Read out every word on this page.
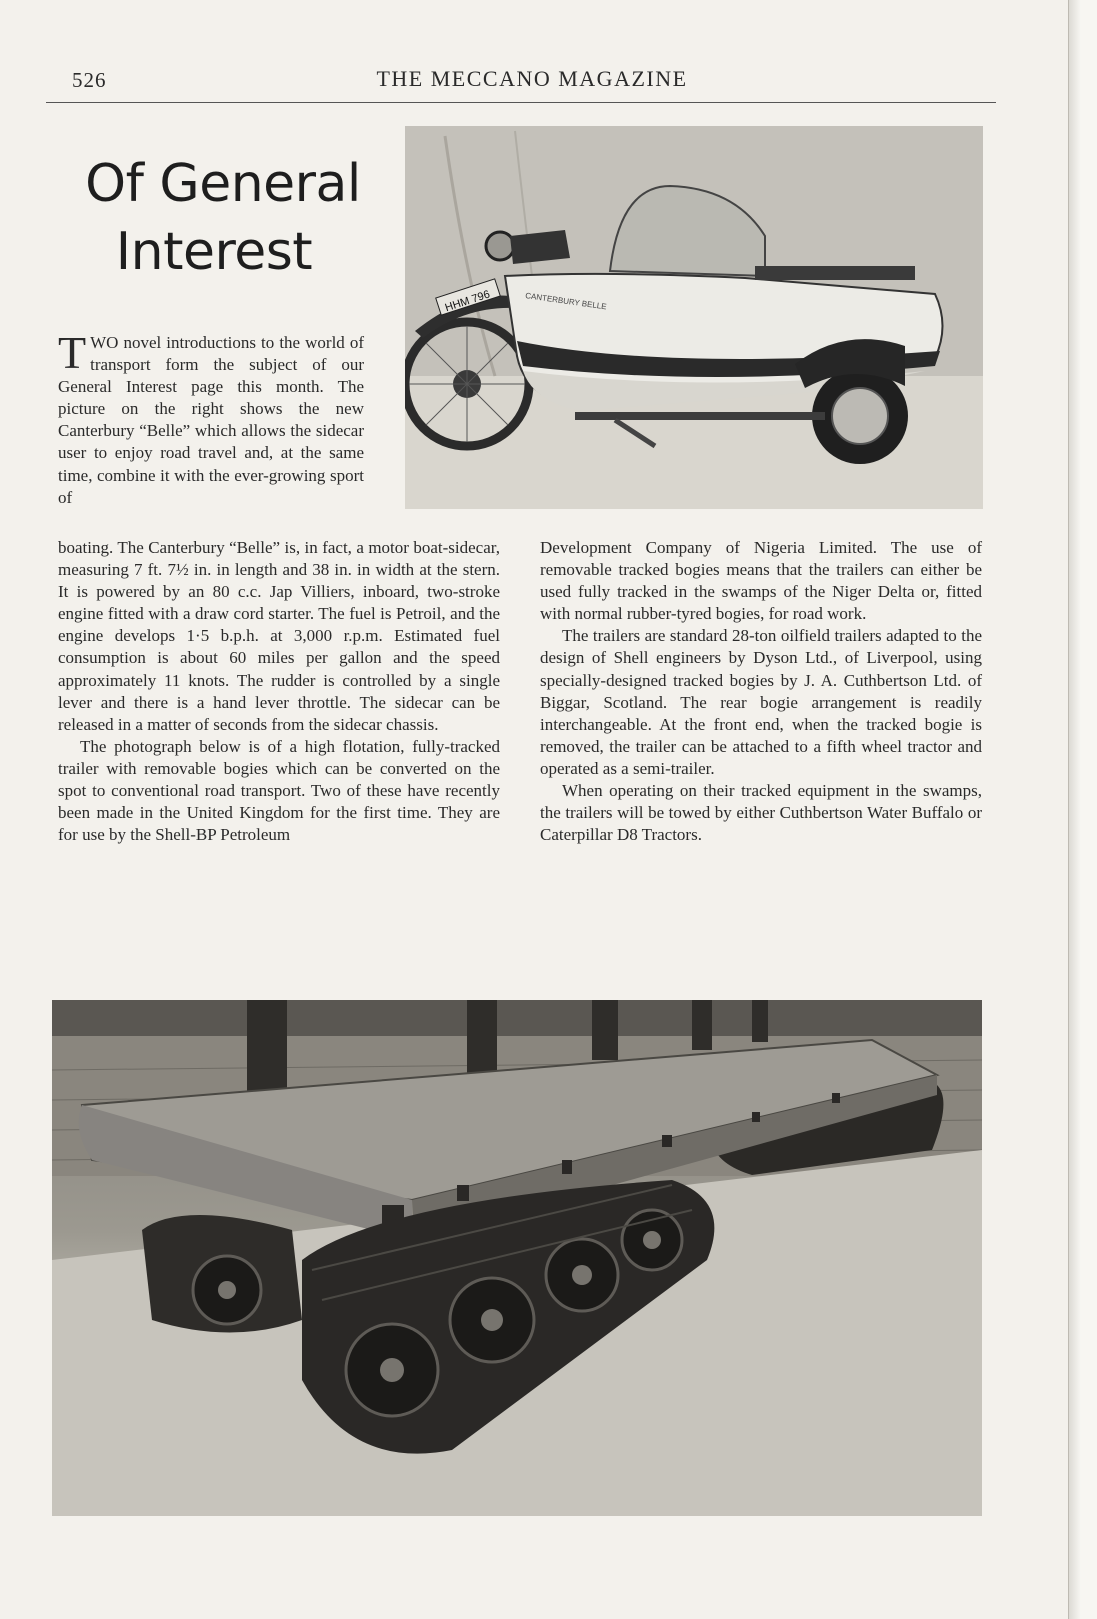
526	THE MECCANO MAGAZINE
Of General

Interest
HHM 796	CANTERBURY BELLE

TWO novel introductions to the world of transport form the subject of our General Interest page this month. The picture on the right shows the new Canterbury “Belle” which allows the sidecar user to enjoy road travel and, at the same time, combine it with the ever-growing sport of

boating. The Canterbury “Belle” is, in fact, a motor boat-sidecar, measuring 7 ft. 7½ in. in length and 38 in. in width at the stern. It is powered by an 80 c.c. Jap Villiers, inboard, two-stroke engine fitted with a draw cord starter. The fuel is Petroil, and the engine develops 1·5 b.p.h. at 3,000 r.p.m. Estimated fuel consumption is about 60 miles per gallon and the speed approximately 11 knots. The rudder is controlled by a single lever and there is a hand lever throttle. The sidecar can be released in a matter of seconds from the sidecar chassis.

The photograph below is of a high flotation, fully-tracked trailer with removable bogies which can be converted on the spot to conventional road transport. Two of these have recently been made in the United Kingdom for the first time. They are for use by the Shell-BP Petroleum

Development Company of Nigeria Limited. The use of removable tracked bogies means that the trailers can either be used fully tracked in the swamps of the Niger Delta or, fitted with normal rubber-tyred bogies, for road work.

The trailers are standard 28-ton oilfield trailers adapted to the design of Shell engineers by Dyson Ltd., of Liverpool, using specially-designed tracked bogies by J. A. Cuthbertson Ltd. of Biggar, Scotland. The rear bogie arrangement is readily interchangeable. At the front end, when the tracked bogie is removed, the trailer can be attached to a fifth wheel tractor and operated as a semi-trailer.

When operating on their tracked equipment in the swamps, the trailers will be towed by either Cuthbertson Water Buffalo or Caterpillar D8 Tractors.
